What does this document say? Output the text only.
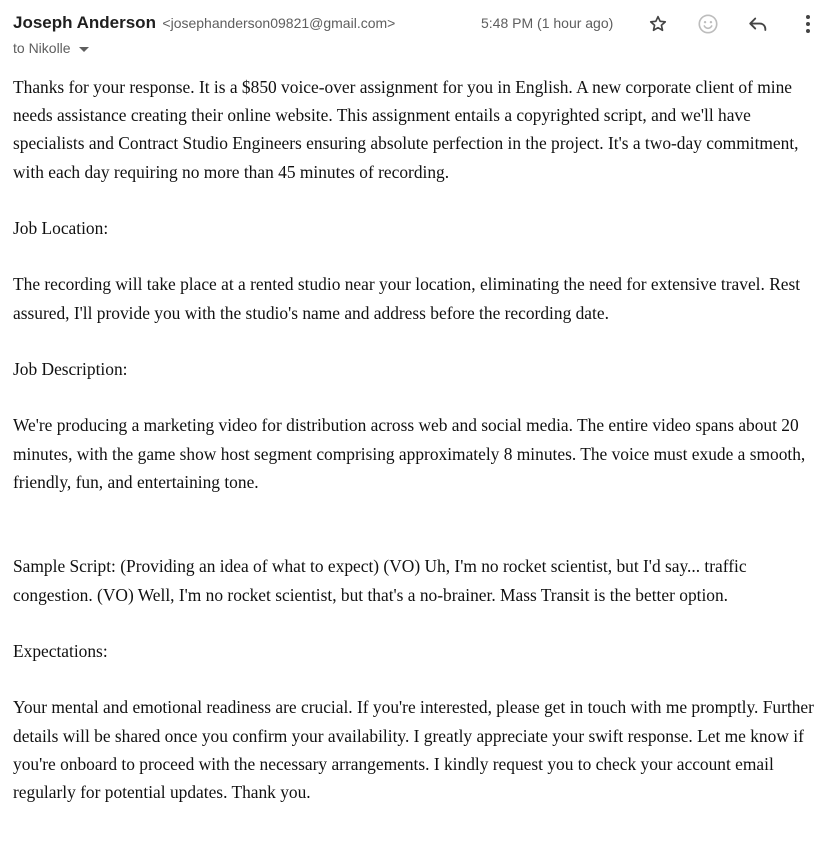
Joseph Anderson <josephanderson09821@gmail.com>
to Nikolle
5:48 PM (1 hour ago)

Thanks for your response. It is a $850 voice-over assignment for you in English. A new corporate client of mine needs assistance creating their online website. This assignment entails a copyrighted script, and we'll have specialists and Contract Studio Engineers ensuring absolute perfection in the project. It's a two-day commitment, with each day requiring no more than 45 minutes of recording.

Job Location:

The recording will take place at a rented studio near your location, eliminating the need for extensive travel. Rest assured, I'll provide you with the studio's name and address before the recording date.

Job Description:

We're producing a marketing video for distribution across web and social media. The entire video spans about 20 minutes, with the game show host segment comprising approximately 8 minutes. The voice must exude a smooth, friendly, fun, and entertaining tone.

Sample Script: (Providing an idea of what to expect) (VO) Uh, I'm no rocket scientist, but I'd say... traffic congestion. (VO) Well, I'm no rocket scientist, but that's a no-brainer. Mass Transit is the better option.

Expectations:

Your mental and emotional readiness are crucial. If you're interested, please get in touch with me promptly. Further details will be shared once you confirm your availability. I greatly appreciate your swift response. Let me know if you're onboard to proceed with the necessary arrangements. I kindly request you to check your account email regularly for potential updates. Thank you.
